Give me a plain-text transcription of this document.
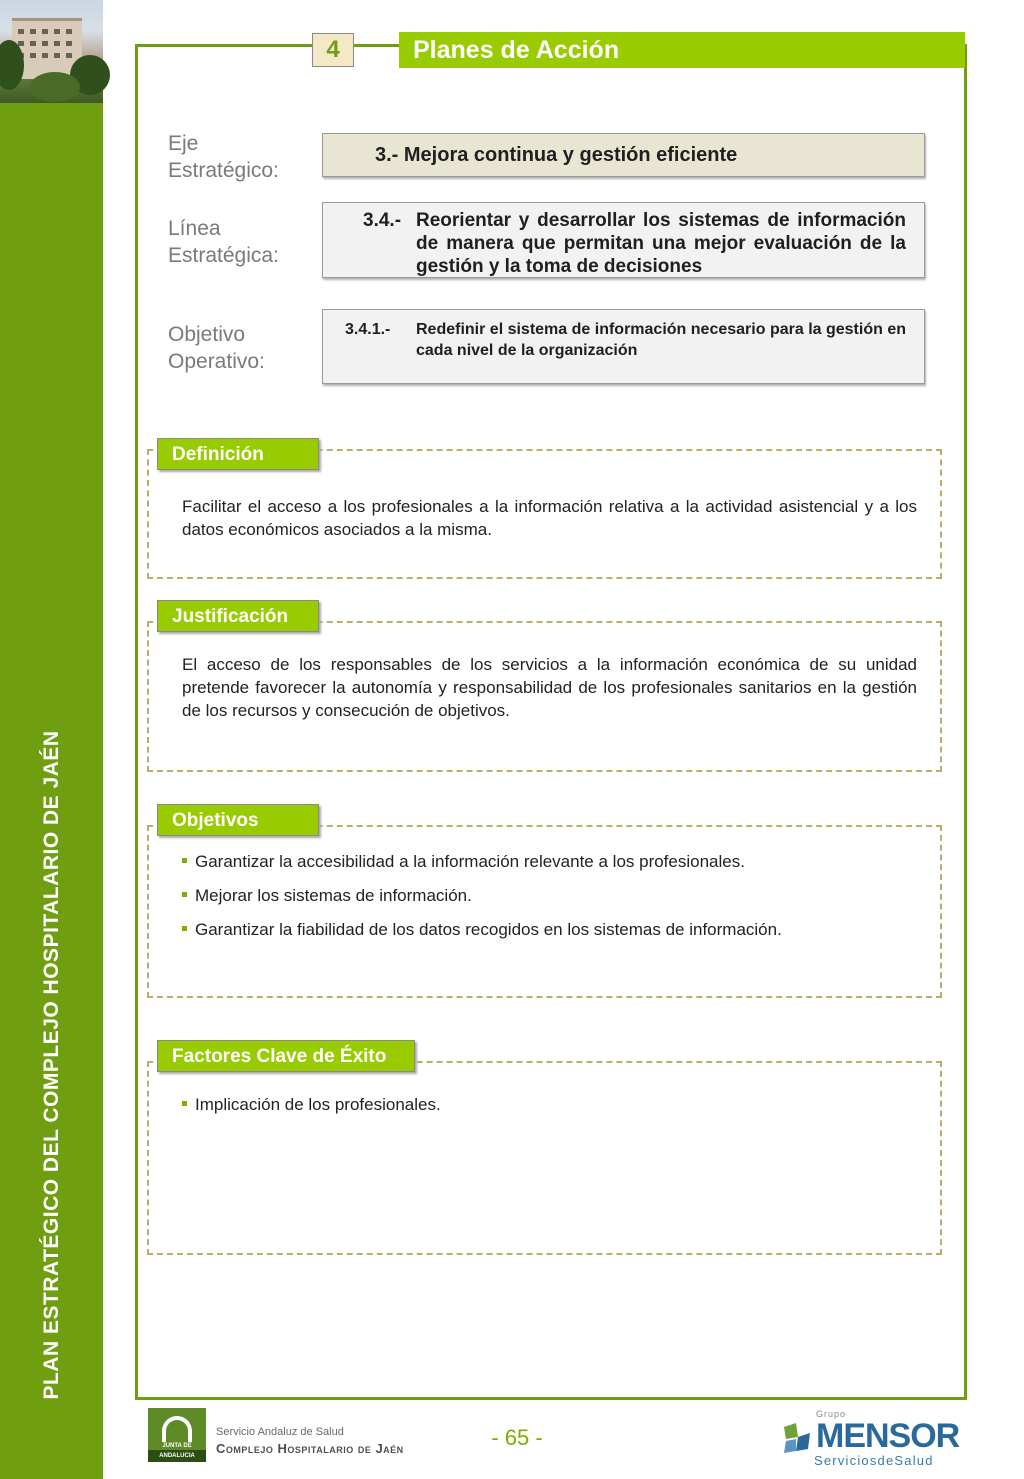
PLAN ESTRATÉGICO DEL COMPLEJO HOSPITALARIO DE JAÉN
4	Planes de Acción
Eje
Estratégico:
3.- Mejora continua y gestión eficiente
Línea
Estratégica:
3.4.- Reorientar y desarrollar los sistemas de información de manera que permitan una mejor evaluación de la gestión y la toma de decisiones
Objetivo
Operativo:
3.4.1.-	Redefinir el sistema de información necesario para la gestión en cada nivel de la organización
Definición
Facilitar el acceso a los profesionales a la información relativa a la actividad asistencial y a los datos económicos asociados a la misma.
Justificación
El acceso de los responsables de los servicios a la información económica de su unidad pretende favorecer la autonomía y responsabilidad de los profesionales sanitarios en la gestión de los recursos y consecución de objetivos.
Objetivos
Garantizar la accesibilidad a la información relevante a los profesionales.
Mejorar los sistemas de información.
Garantizar la fiabilidad de los datos recogidos en los sistemas de información.
Factores Clave de Éxito
Implicación de los profesionales.
JUNTA DE ANDALUCIA
Servicio Andaluz de Salud
Complejo Hospitalario de Jaén	- 65 -
Grupo
MENSOR
ServiciosdeSalud
